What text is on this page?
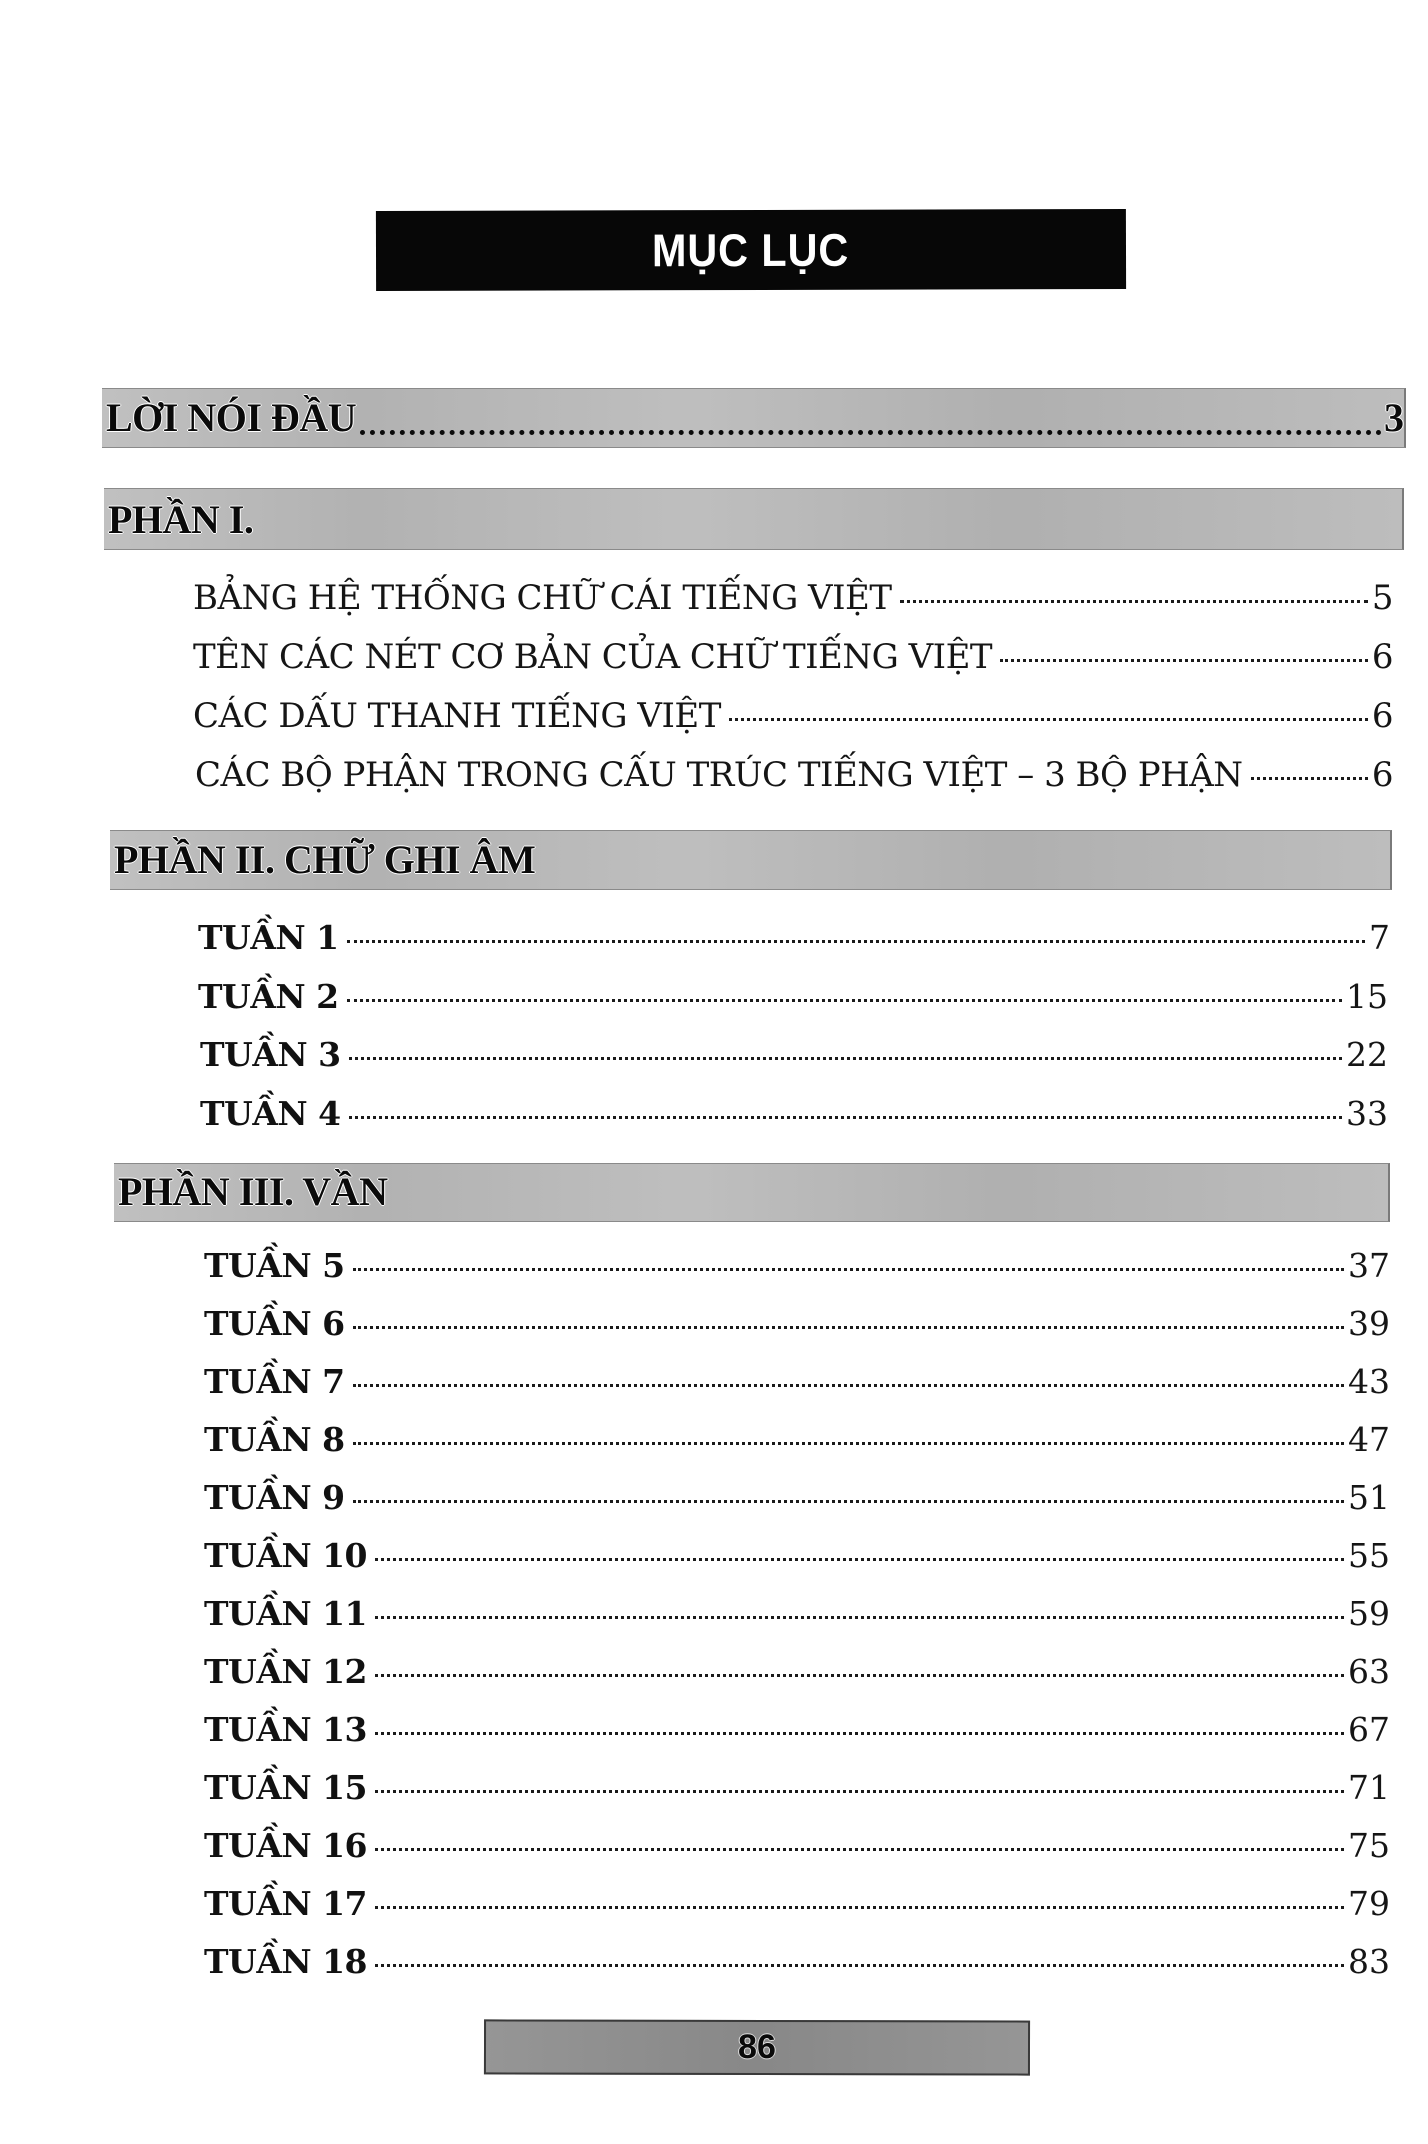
MỤC LỤC
LỜI NÓI ĐẦU	3
PHẦN I.
BẢNG HỆ THỐNG CHỮ CÁI TIẾNG VIỆT	5
TÊN CÁC NÉT CƠ BẢN CỦA CHỮ TIẾNG VIỆT	6
CÁC DẤU THANH TIẾNG VIỆT	6
CÁC BỘ PHẬN TRONG CẤU TRÚC TIẾNG VIỆT – 3 BỘ PHẬN	6
PHẦN II. CHỮ GHI ÂM
TUẦN 1	7
TUẦN 2	15
TUẦN 3	22
TUẦN 4	33
PHẦN III. VẦN
TUẦN 5	37
TUẦN 6	39
TUẦN 7	43
TUẦN 8	47
TUẦN 9	51
TUẦN 10	55
TUẦN 11	59
TUẦN 12	63
TUẦN 13	67
TUẦN 15	71
TUẦN 16	75
TUẦN 17	79
TUẦN 18	83
86
